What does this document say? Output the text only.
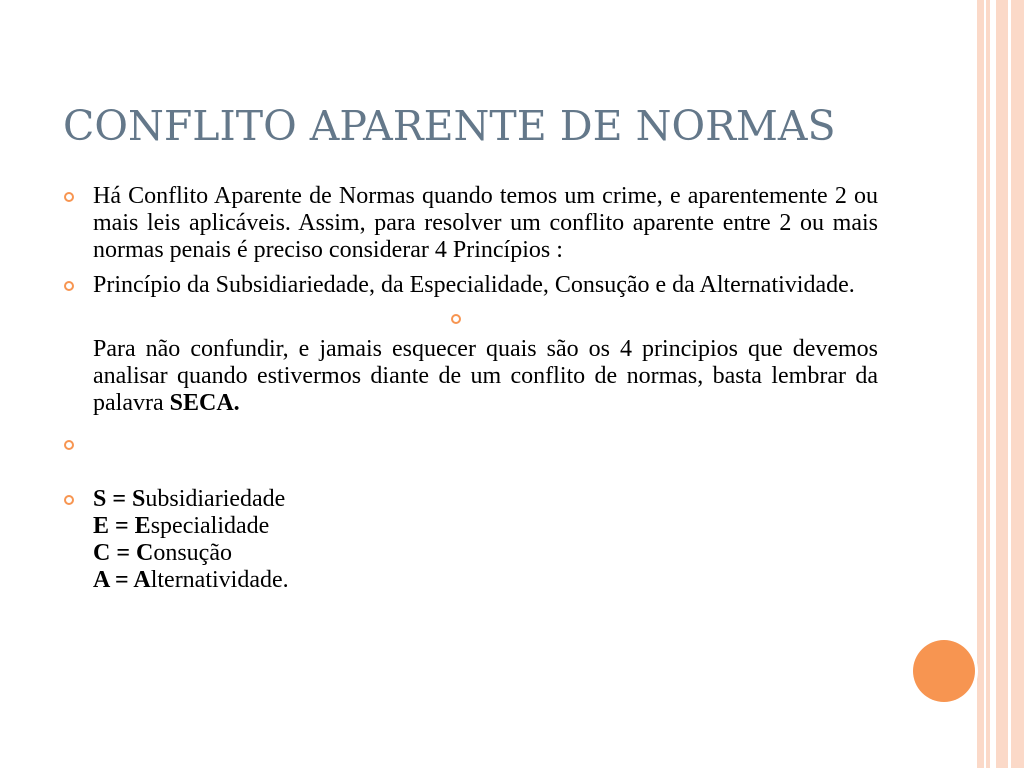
CONFLITO APARENTE DE NORMAS

Há Conflito Aparente de Normas quando temos um crime, e aparentemente 2 ou mais leis aplicáveis. Assim, para resolver um conflito aparente entre 2 ou mais normas penais é preciso considerar 4 Princípios :

Princípio da Subsidiariedade, da Especialidade, Consução e da Alternatividade.

Para não confundir, e jamais esquecer quais são os 4 principios que devemos analisar quando estivermos diante de um conflito de normas, basta lembrar da palavra SECA.

S = Subsidiariedade
E = Especialidade
C = Consução
A = Alternatividade.
